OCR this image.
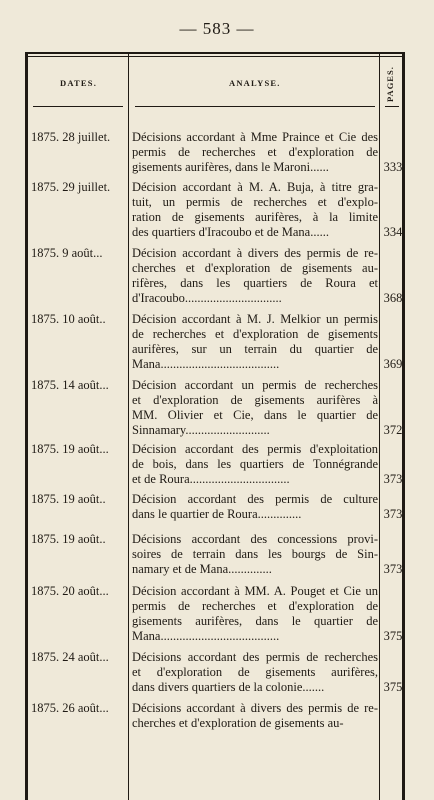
— 583 —
DATES.	ANALYSE.	PAGES.
1875. 28 juillet.	Décisions accordant à Mme Praince et Cie des
permis de recherches et d'exploration de
gisements aurifères, dans le Maroni......	333
1875. 29 juillet.	Décision accordant à M. A. Buja, à titre gra-
tuit, un permis de recherches et d'explo-
ration de gisements aurifères, à la limite
des quartiers d'Iracoubo et de Mana......	334
1875. 9 août...	Décision accordant à divers des permis de re-
cherches et d'exploration de gisements au-
rifères, dans les quartiers de Roura et
d'Iracoubo...............................	368
1875. 10 août..	Décision accordant à M. J. Melkior un permis
de recherches et d'exploration de gisements
aurifères, sur un terrain du quartier de
Mana......................................	369
1875. 14 août...	Décision accordant un permis de recherches
et d'exploration de gisements aurifères à
MM. Olivier et Cie, dans le quartier de
Sinnamary...........................	372
1875. 19 août...	Décision accordant des permis d'exploitation
de bois, dans les quartiers de Tonnégrande
et de Roura................................	373
1875. 19 août..	Décision accordant des permis de culture
dans le quartier de Roura..............	373
1875. 19 août..	Décisions accordant des concessions provi-
soires de terrain dans les bourgs de Sin-
namary et de Mana..............	373
1875. 20 août...	Décision accordant à MM. A. Pouget et Cie un
permis de recherches et d'exploration de
gisements aurifères, dans le quartier de
Mana......................................	375
1875. 24 août...	Décisions accordant des permis de recherches
et d'exploration de gisements aurifères,
dans divers quartiers de la colonie.......	375
1875. 26 août...	Décisions accordant à divers des permis de re-
cherches et d'exploration de gisements au-
